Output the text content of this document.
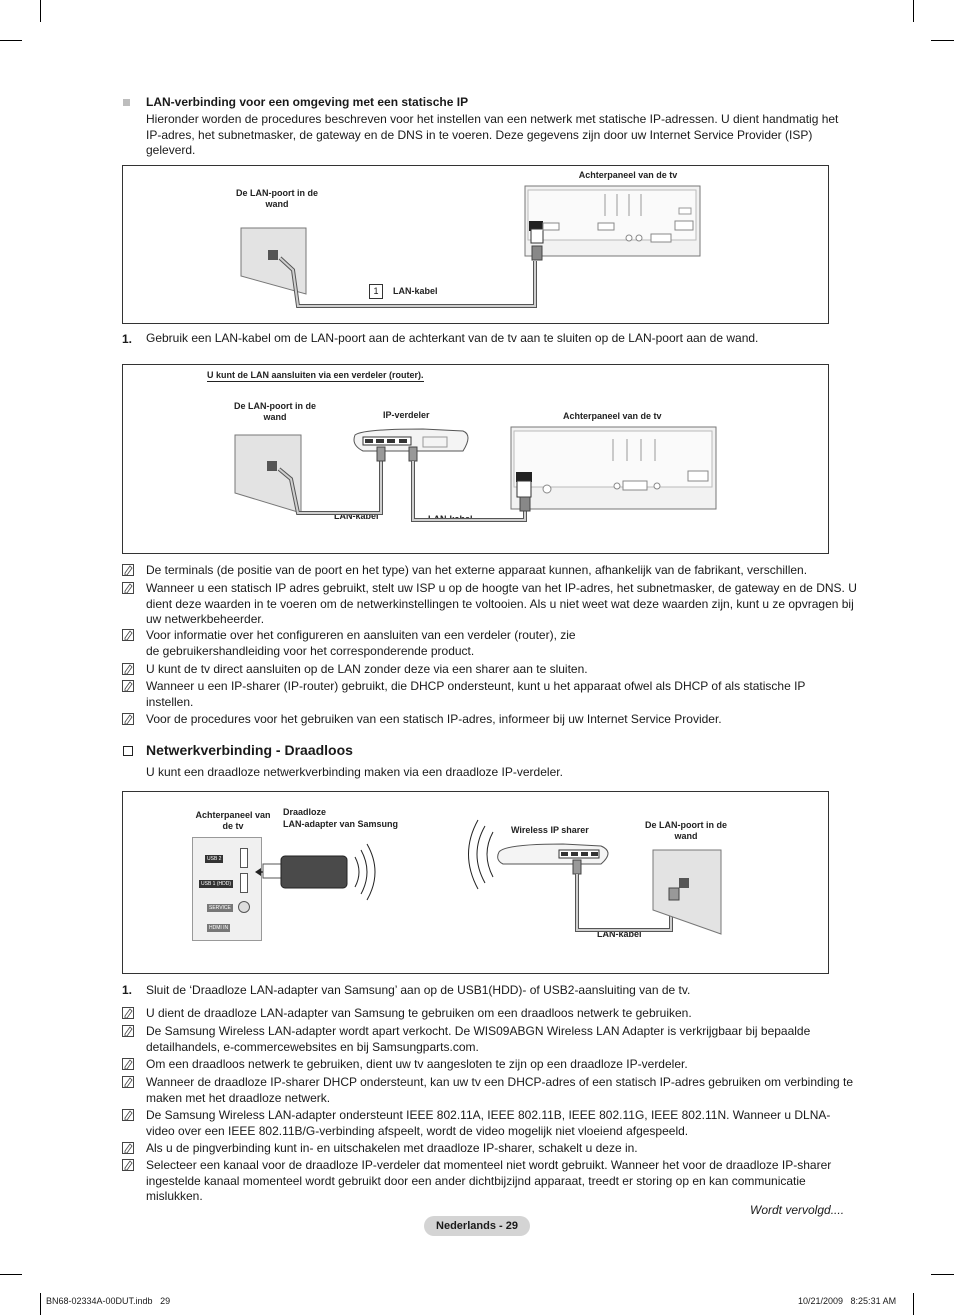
LAN-verbinding voor een omgeving met een statische IP
Hieronder worden de procedures beschreven voor het instellen van een netwerk met statische IP-adressen. U dient handmatig het IP-adres, het subnetmasker, de gateway en de DNS in te voeren. Deze gegevens zijn door uw Internet Service Provider (ISP) geleverd.
De LAN-poort in de wand
Achterpaneel van de tv
1	LAN-kabel
1. Gebruik een LAN-kabel om de LAN-poort aan de achterkant van de tv aan te sluiten op de LAN-poort aan de wand.
U kunt de LAN aansluiten via een verdeler (router).
De LAN-poort in de wand	IP-verdeler	Achterpaneel van de tv
LAN-kabel	LAN-kabel
De terminals (de positie van de poort en het type) van het externe apparaat kunnen, afhankelijk van de fabrikant, verschillen.
Wanneer u een statisch IP adres gebruikt, stelt uw ISP u op de hoogte van het IP-adres, het subnetmasker, de gateway en de DNS. U dient deze waarden in te voeren om de netwerkinstellingen te voltooien. Als u niet weet wat deze waarden zijn, kunt u ze opvragen bij uw netwerkbeheerder.
Voor informatie over het configureren en aansluiten van een verdeler (router), zie de gebruikershandleiding voor het corresponderende product.
U kunt de tv direct aansluiten op de LAN zonder deze via een sharer aan te sluiten.
Wanneer u een IP-sharer (IP-router) gebruikt, die DHCP ondersteunt, kunt u het apparaat ofwel als DHCP of als statische IP instellen.
Voor de procedures voor het gebruiken van een statisch IP-adres, informeer bij uw Internet Service Provider.
Netwerkverbinding - Draadloos
U kunt een draadloze netwerkverbinding maken via een draadloze IP-verdeler.
Achterpaneel van de tv
Draadloze
LAN-adapter van Samsung
Wireless IP sharer	De LAN-poort in de wand
LAN-kabel
USB 2
USB 1 (HDD)
SERVICE
HDMI IN
1. Sluit de ‘Draadloze LAN-adapter van Samsung’ aan op de USB1(HDD)- of USB2-aansluiting van de tv.
U dient de draadloze LAN-adapter van Samsung te gebruiken om een draadloos netwerk te gebruiken.
De Samsung Wireless LAN-adapter wordt apart verkocht. De WIS09ABGN Wireless LAN Adapter is verkrijgbaar bij bepaalde detailhandels, e-commercewebsites en bij Samsungparts.com.
Om een draadloos netwerk te gebruiken, dient uw tv aangesloten te zijn op een draadloze IP-verdeler.
Wanneer de draadloze IP-sharer DHCP ondersteunt, kan uw tv een DHCP-adres of een statisch IP-adres gebruiken om verbinding te maken met het draadloze netwerk.
De Samsung Wireless LAN-adapter ondersteunt IEEE 802.11A, IEEE 802.11B, IEEE 802.11G, IEEE 802.11N. Wanneer u DLNA-video over een IEEE 802.11B/G-verbinding afspeelt, wordt de video mogelijk niet vloeiend afgespeeld.
Als u de pingverbinding kunt in- en uitschakelen met draadloze IP-sharer, schakelt u deze in.
Selecteer een kanaal voor de draadloze IP-verdeler dat momenteel niet wordt gebruikt. Wanneer het voor de draadloze IP-sharer ingestelde kanaal momenteel wordt gebruikt door een ander dichtbijzijnd apparaat, treedt er storing op en kan communicatie mislukken.
Wordt vervolgd....
Nederlands - 29
BN68-02334A-00DUT.indb   29	10/21/2009   8:25:31 AM
